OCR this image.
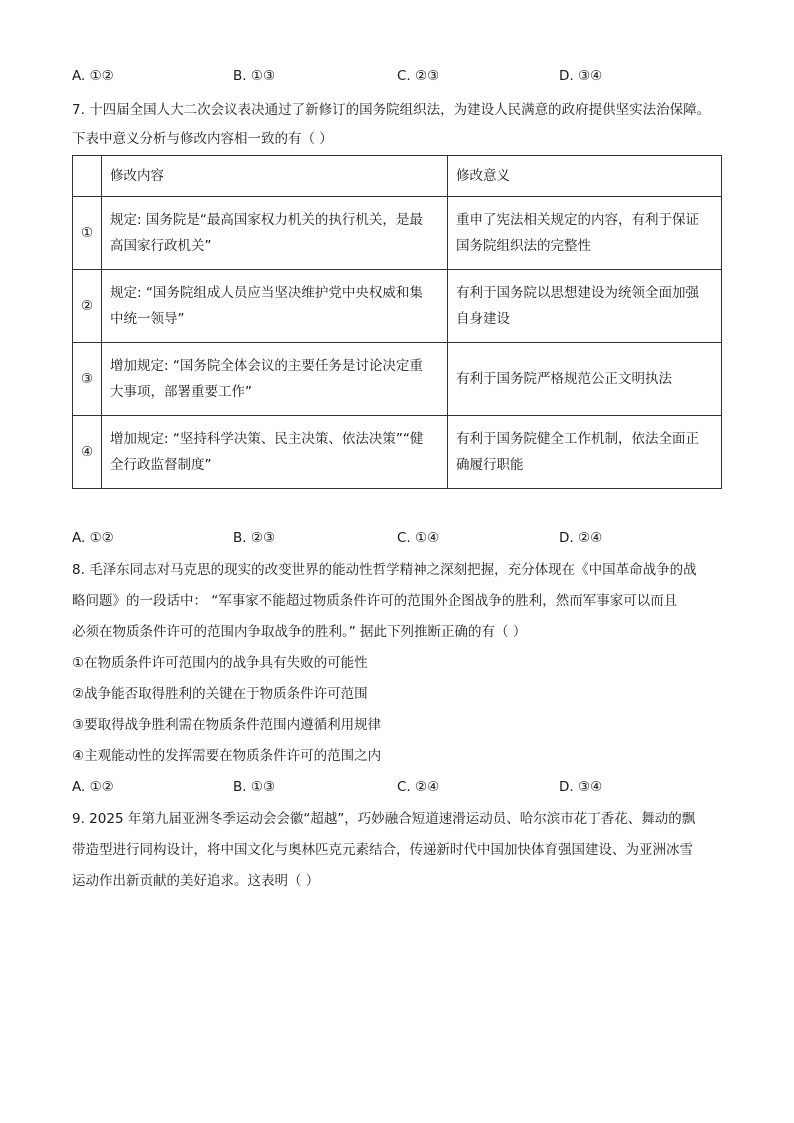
A. ①②	B. ①③	C. ②③	D. ③④
7. 十四届全国人大二次会议表决通过了新修订的国务院组织法，为建设人民满意的政府提供坚实法治保障。
下表中意义分析与修改内容相一致的有（ ）
	修改内容	修改意义
①	规定: 国务院是“最高国家权力机关的执行机关，是最
高国家行政机关”	重申了宪法相关规定的内容，有利于保证
国务院组织法的完整性
②	规定: “国务院组成人员应当坚决维护党中央权威和集
中统一领导”	有利于国务院以思想建设为统领全面加强
自身建设
③	增加规定: “国务院全体会议的主要任务是讨论决定重
大事项，部署重要工作”	有利于国务院严格规范公正文明执法
④	增加规定: “坚持科学决策、民主决策、依法决策”“健
全行政监督制度”	有利于国务院健全工作机制，依法全面正
确履行职能
A. ①②	B. ②③	C. ①④	D. ②④
8. 毛泽东同志对马克思的现实的改变世界的能动性哲学精神之深刻把握，充分体现在《中国革命战争的战
略问题》的一段话中： “军事家不能超过物质条件许可的范围外企图战争的胜利，然而军事家可以而且
必须在物质条件许可的范围内争取战争的胜利。” 据此下列推断正确的有（ ）
①在物质条件许可范围内的战争具有失败的可能性
②战争能否取得胜利的关键在于物质条件许可范围
③要取得战争胜利需在物质条件范围内遵循利用规律
④主观能动性的发挥需要在物质条件许可的范围之内
A. ①②	B. ①③	C. ②④	D. ③④
9. 2025 年第九届亚洲冬季运动会会徽“超越”，巧妙融合短道速滑运动员、哈尔滨市花丁香花、舞动的飘
带造型进行同构设计，将中国文化与奥林匹克元素结合，传递新时代中国加快体育强国建设、为亚洲冰雪
运动作出新贡献的美好追求。这表明（ ）
